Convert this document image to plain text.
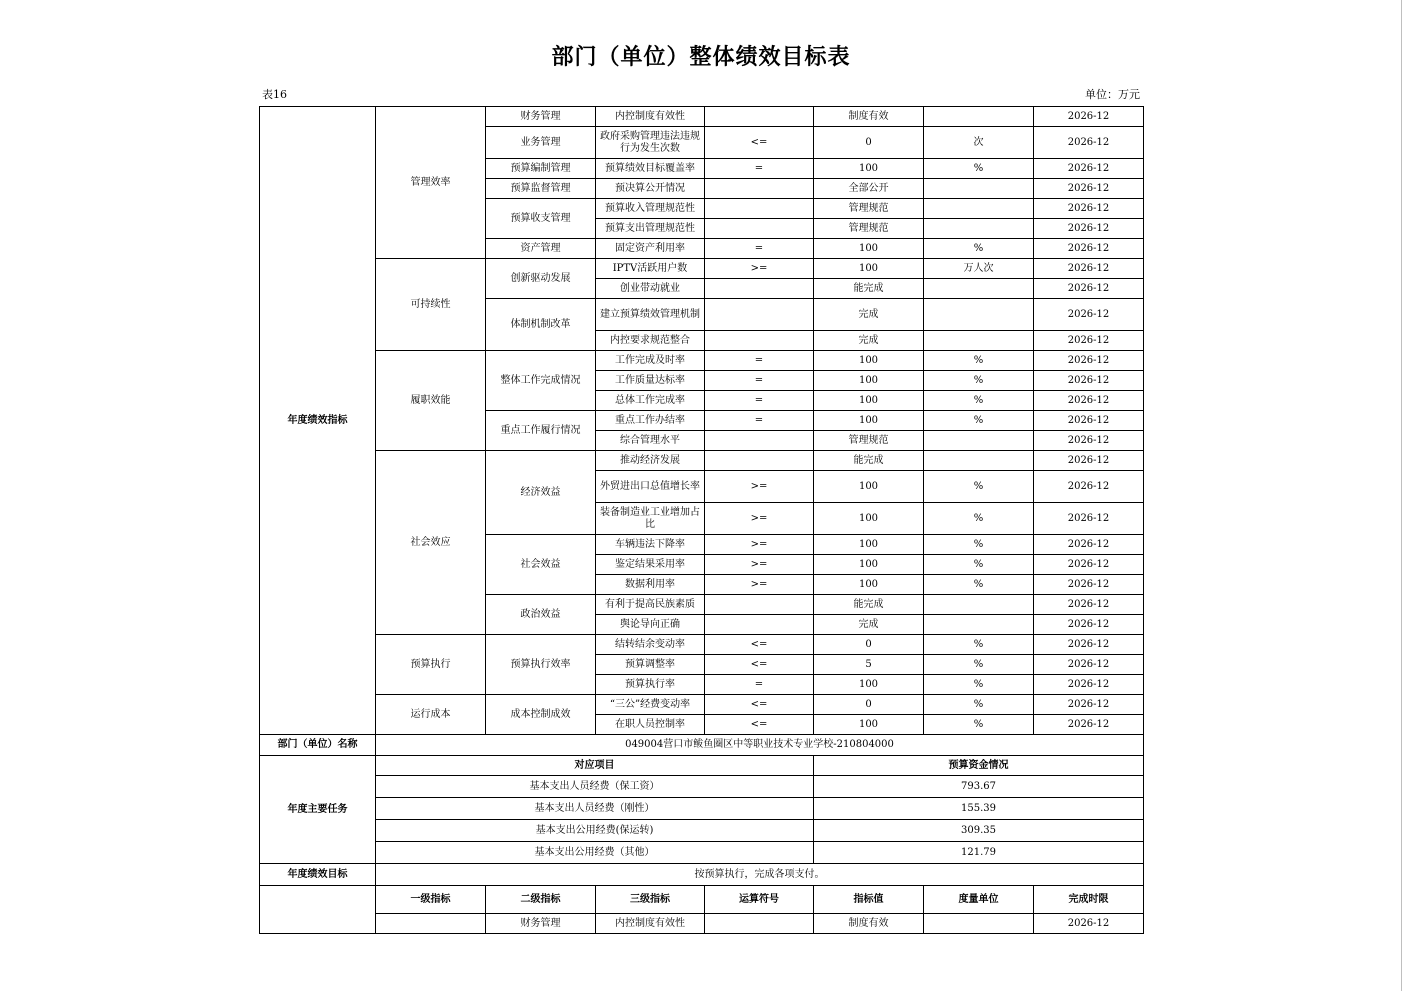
部门（单位）整体绩效目标表
表16	单位：万元
年度绩效指标	管理效率	财务管理	内控制度有效性		制度有效		2026-12
		业务管理	政府采购管理违法违规行为发生次数	<=	0	次	2026-12
		预算编制管理	预算绩效目标覆盖率	=	100	%	2026-12
		预算监督管理	预决算公开情况		全部公开		2026-12
		预算收支管理	预算收入管理规范性		管理规范		2026-12
			预算支出管理规范性		管理规范		2026-12
		资产管理	固定资产利用率	=	100	%	2026-12
	可持续性	创新驱动发展	IPTV活跃用户数	>=	100	万人次	2026-12
			创业带动就业		能完成		2026-12
		体制机制改革	建立预算绩效管理机制		完成		2026-12
			内控要求规范整合		完成		2026-12
	履职效能	整体工作完成情况	工作完成及时率	=	100	%	2026-12
			工作质量达标率	=	100	%	2026-12
			总体工作完成率	=	100	%	2026-12
		重点工作履行情况	重点工作办结率	=	100	%	2026-12
			综合管理水平		管理规范		2026-12
	社会效应	经济效益	推动经济发展		能完成		2026-12
			外贸进出口总值增长率	>=	100	%	2026-12
			装备制造业工业增加占比	>=	100	%	2026-12
		社会效益	车辆违法下降率	>=	100	%	2026-12
			鉴定结果采用率	>=	100	%	2026-12
			数据利用率	>=	100	%	2026-12
		政治效益	有利于提高民族素质		能完成		2026-12
			舆论导向正确		完成		2026-12
	预算执行	预算执行效率	结转结余变动率	<=	0	%	2026-12
			预算调整率	<=	5	%	2026-12
			预算执行率	=	100	%	2026-12
	运行成本	成本控制成效	“三公”经费变动率	<=	0	%	2026-12
			在职人员控制率	<=	100	%	2026-12
部门（单位）名称	049004营口市鲅鱼圈区中等职业技术专业学校-210804000						
年度主要任务	对应项目				预算资金情况		
	基本支出人员经费（保工资）				793.67		
	基本支出人员经费（刚性）				155.39		
	基本支出公用经费(保运转)				309.35		
	基本支出公用经费（其他）				121.79		
年度绩效目标	按预算执行，完成各项支付。						
	一级指标	二级指标	三级指标	运算符号	指标值	度量单位	完成时限
		财务管理	内控制度有效性		制度有效		2026-12
